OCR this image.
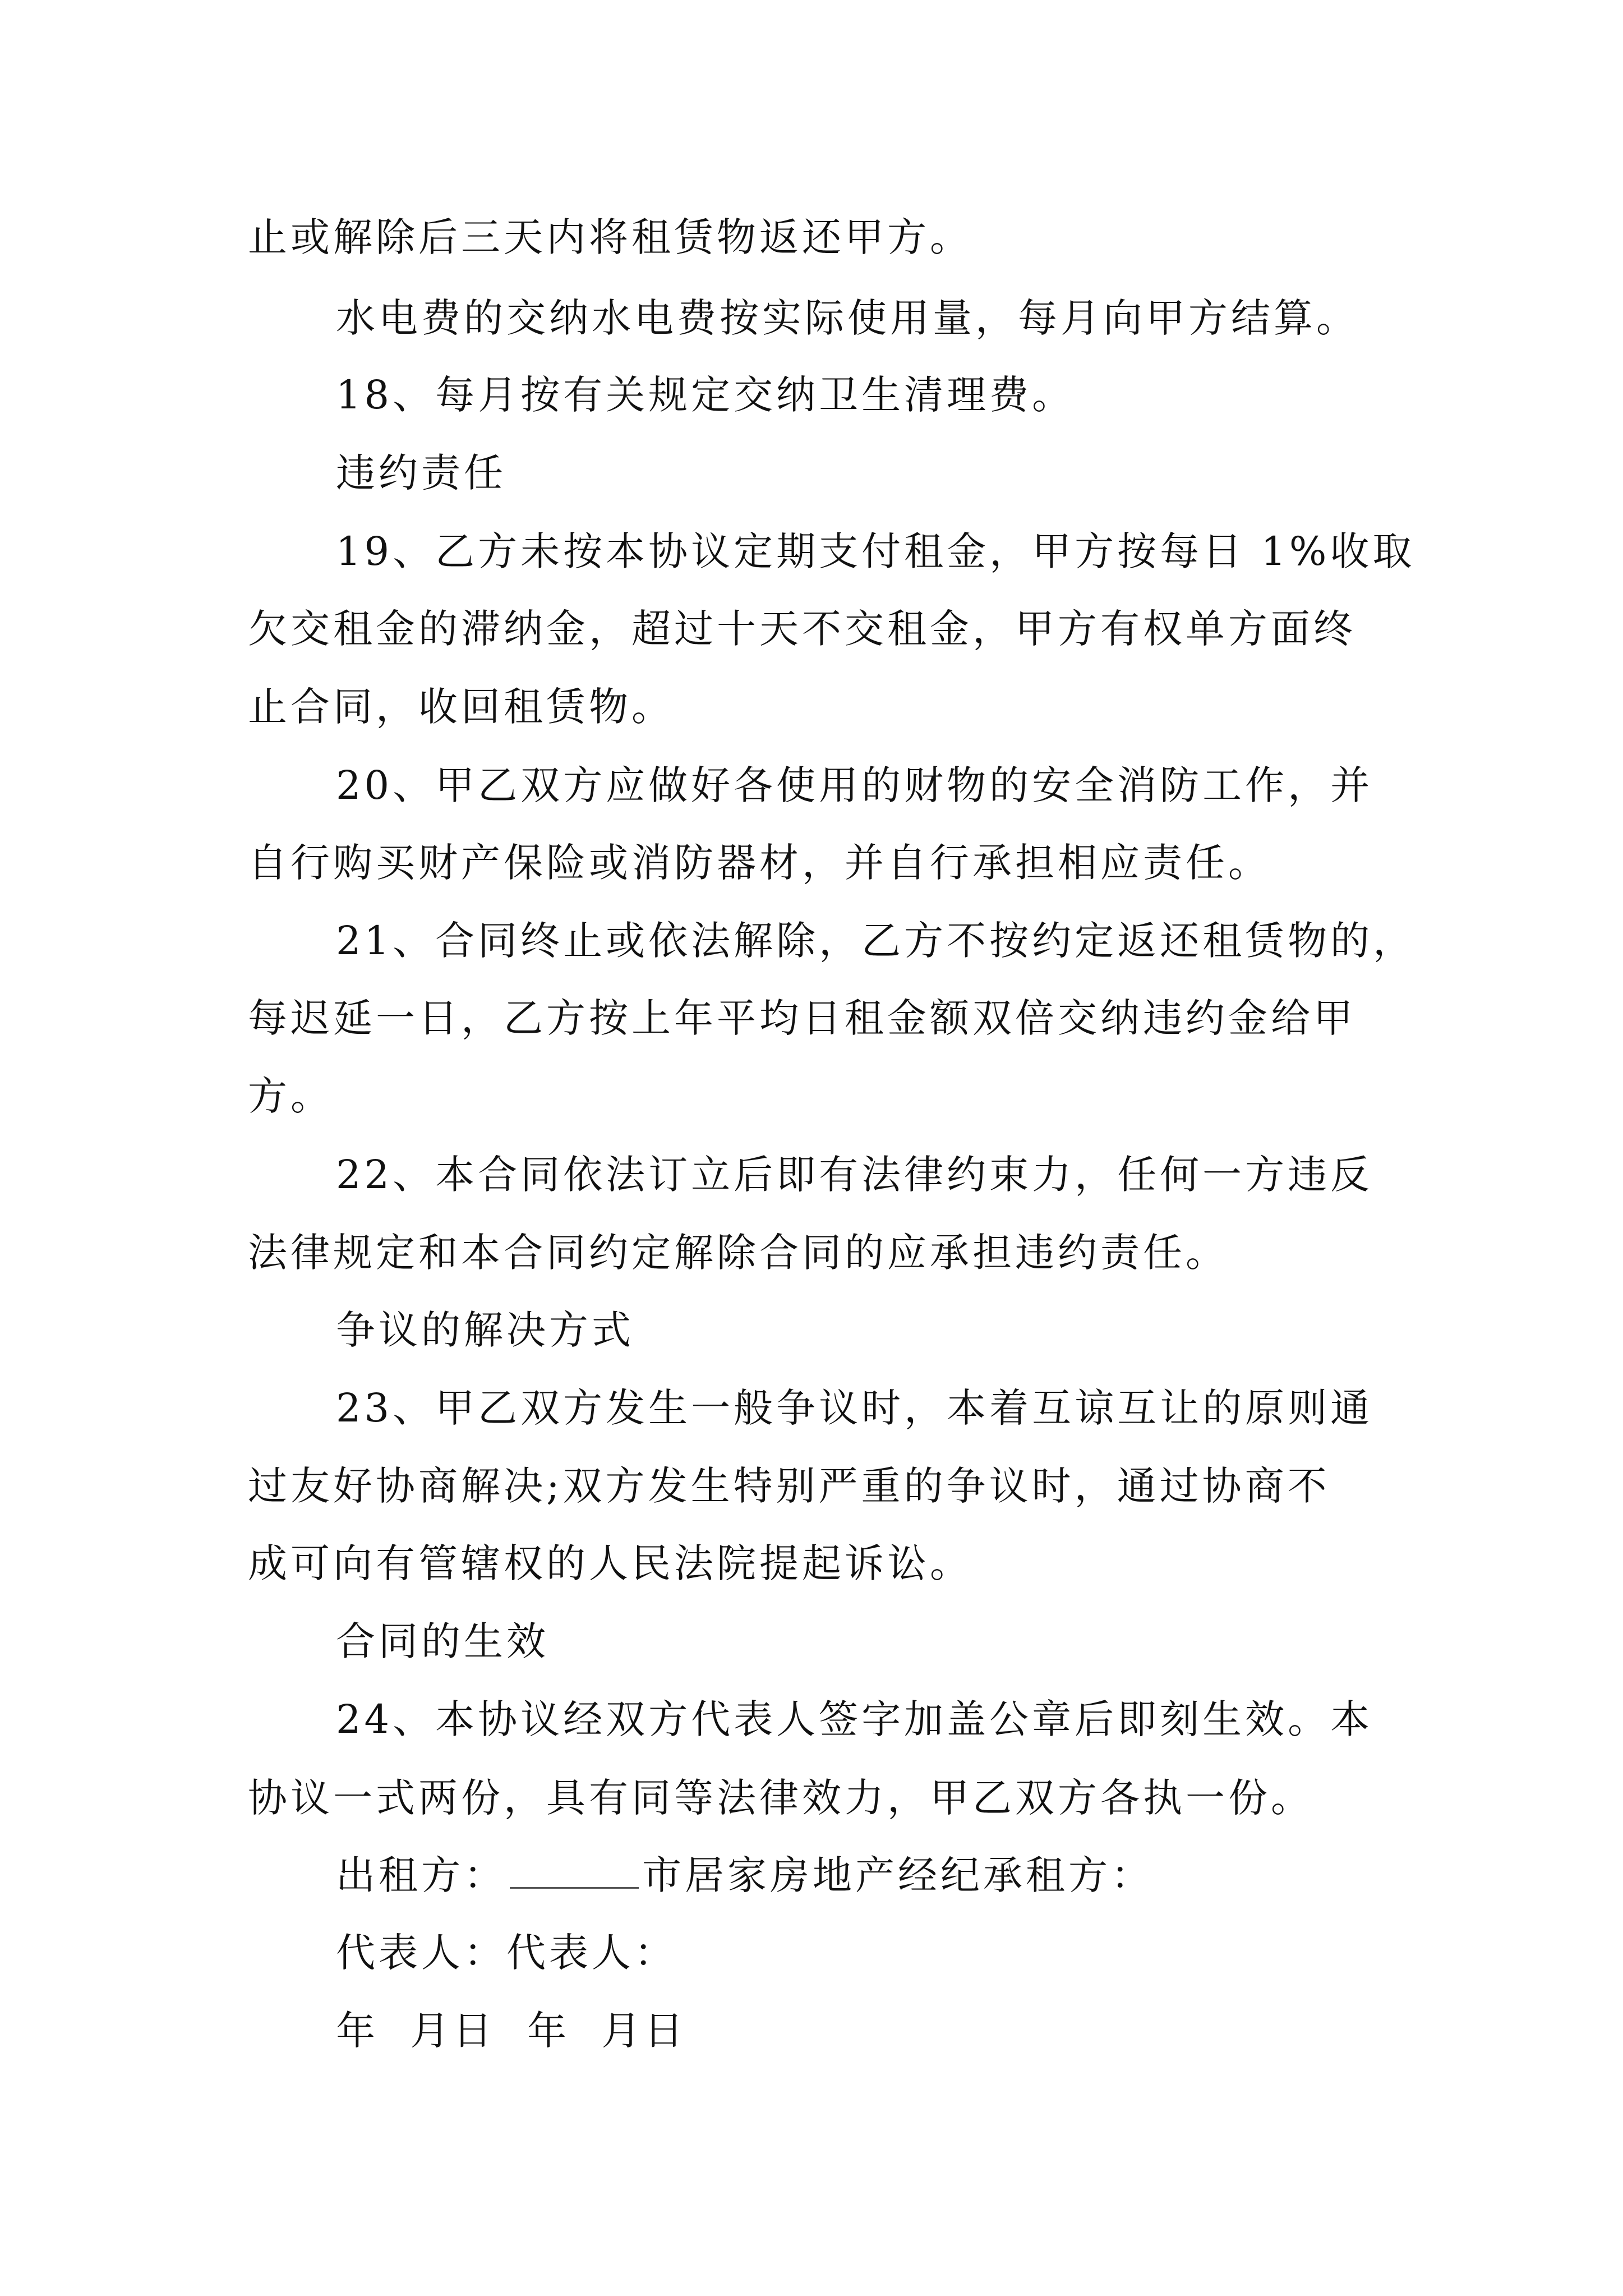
止或解除后三天内将租赁物返还甲方。
水电费的交纳水电费按实际使用量，每月向甲方结算。
18、每月按有关规定交纳卫生清理费。
违约责任
19、乙方未按本协议定期支付租金，甲方按每日 1%收取
欠交租金的滞纳金，超过十天不交租金，甲方有权单方面终
止合同，收回租赁物。
20、甲乙双方应做好各使用的财物的安全消防工作，并
自行购买财产保险或消防器材，并自行承担相应责任。
21、合同终止或依法解除，乙方不按约定返还租赁物的，
每迟延一日，乙方按上年平均日租金额双倍交纳违约金给甲
方。
22、本合同依法订立后即有法律约束力，任何一方违反
法律规定和本合同约定解除合同的应承担违约责任。
争议的解决方式
23、甲乙双方发生一般争议时，本着互谅互让的原则通
过友好协商解决;双方发生特别严重的争议时，通过协商不
成可向有管辖权的人民法院提起诉讼。
合同的生效
24、本协议经双方代表人签字加盖公章后即刻生效。本
协议一式两份，具有同等法律效力，甲乙双方各执一份。
出租方：	市居家房地产经纪承租方：
代表人：代表人：
年  月日  年  月日
